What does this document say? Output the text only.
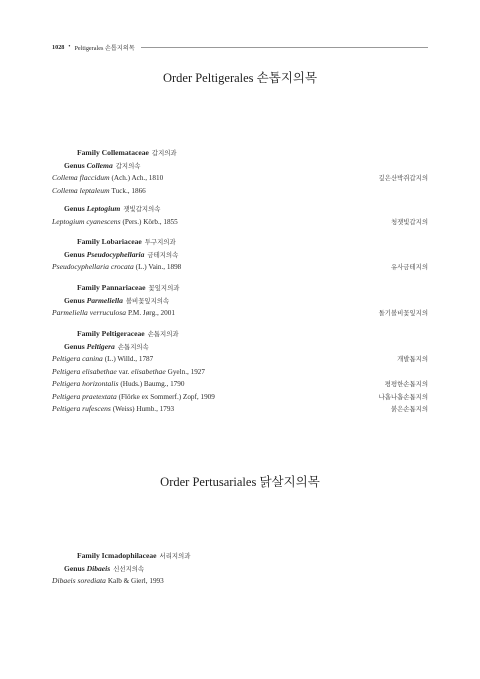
1028 • Peltigerales 손톱지의목
Order Peltigerales 손톱지의목
Family Collemataceae 갑지의과
Genus Collema 갑지의속
Collema flaccidum (Ach.) Ach., 1810	깊은산박쥐갑지의
Collema leptaleum Tuck., 1866
Genus Leptogium 잿빛갑지의속
Leptogium cyanescens (Pers.) Körb., 1855	청잿빛갑지의
Family Lobariaceae 투구지의과
Genus Pseudocyphellaria 금테지의속
Pseudocyphellaria crocata (L.) Vain., 1898	유사금테지의
Family Pannariaceae 꽃잎지의과
Genus Parmeliella 볼비꽃잎지의속
Parmeliella verruculosa P.M. Jørg., 2001	돌기볼비꽃잎지의
Family Peltigeraceae 손톱지의과
Genus Peltigera 손톱지의속
Peltigera canina (L.) Willd., 1787	개발톱지의
Peltigera elisabethae var. elisabethae Gyeln., 1927
Peltigera horizontalis (Huds.) Baumg., 1790	평평한손톱지의
Peltigera praetextata (Flörke ex Sommerf.) Zopf, 1909	나흡나흡손톱지의
Peltigera rufescens (Weiss) Humb., 1793	붉은손톱지의
Order Pertusariales 닭살지의목
Family Icmadophilaceae 서리지의과
Genus Dibaeis 신선지의속
Dibaeis sorediata Kalb & Gierl, 1993
